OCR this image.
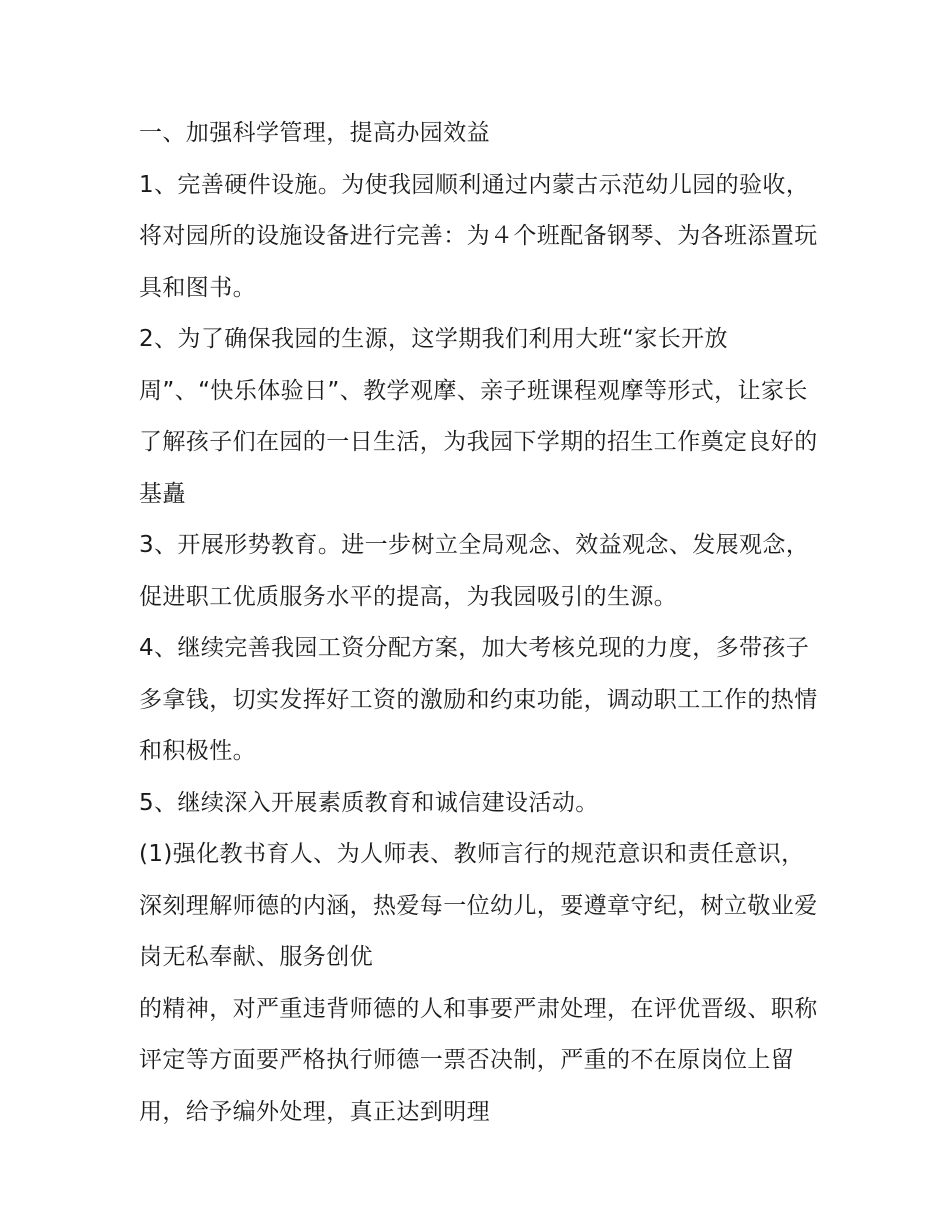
一、加强科学管理，提高办园效益

1、完善硬件设施。为使我园顺利通过内蒙古示范幼儿园的验收，将对园所的设施设备进行完善：为４个班配备钢琴、为各班添置玩具和图书。

2、为了确保我园的生源，这学期我们利用大班“家长开放

周”、“快乐体验日”、教学观摩、亲子班课程观摩等形式，让家长了解孩子们在园的一日生活，为我园下学期的招生工作奠定良好的基矗

3、开展形势教育。进一步树立全局观念、效益观念、发展观念，促进职工优质服务水平的提高，为我园吸引的生源。

4、继续完善我园工资分配方案，加大考核兑现的力度，多带孩子多拿钱，切实发挥好工资的激励和约束功能，调动职工工作的热情和积极性。

5、继续深入开展素质教育和诚信建设活动。

(1)强化教书育人、为人师表、教师言行的规范意识和责任意识，深刻理解师德的内涵，热爱每一位幼儿，要遵章守纪，树立敬业爱岗无私奉献、服务创优

的精神，对严重违背师德的人和事要严肃处理，在评优晋级、职称评定等方面要严格执行师德一票否决制，严重的不在原岗位上留用，给予编外处理，真正达到明理
